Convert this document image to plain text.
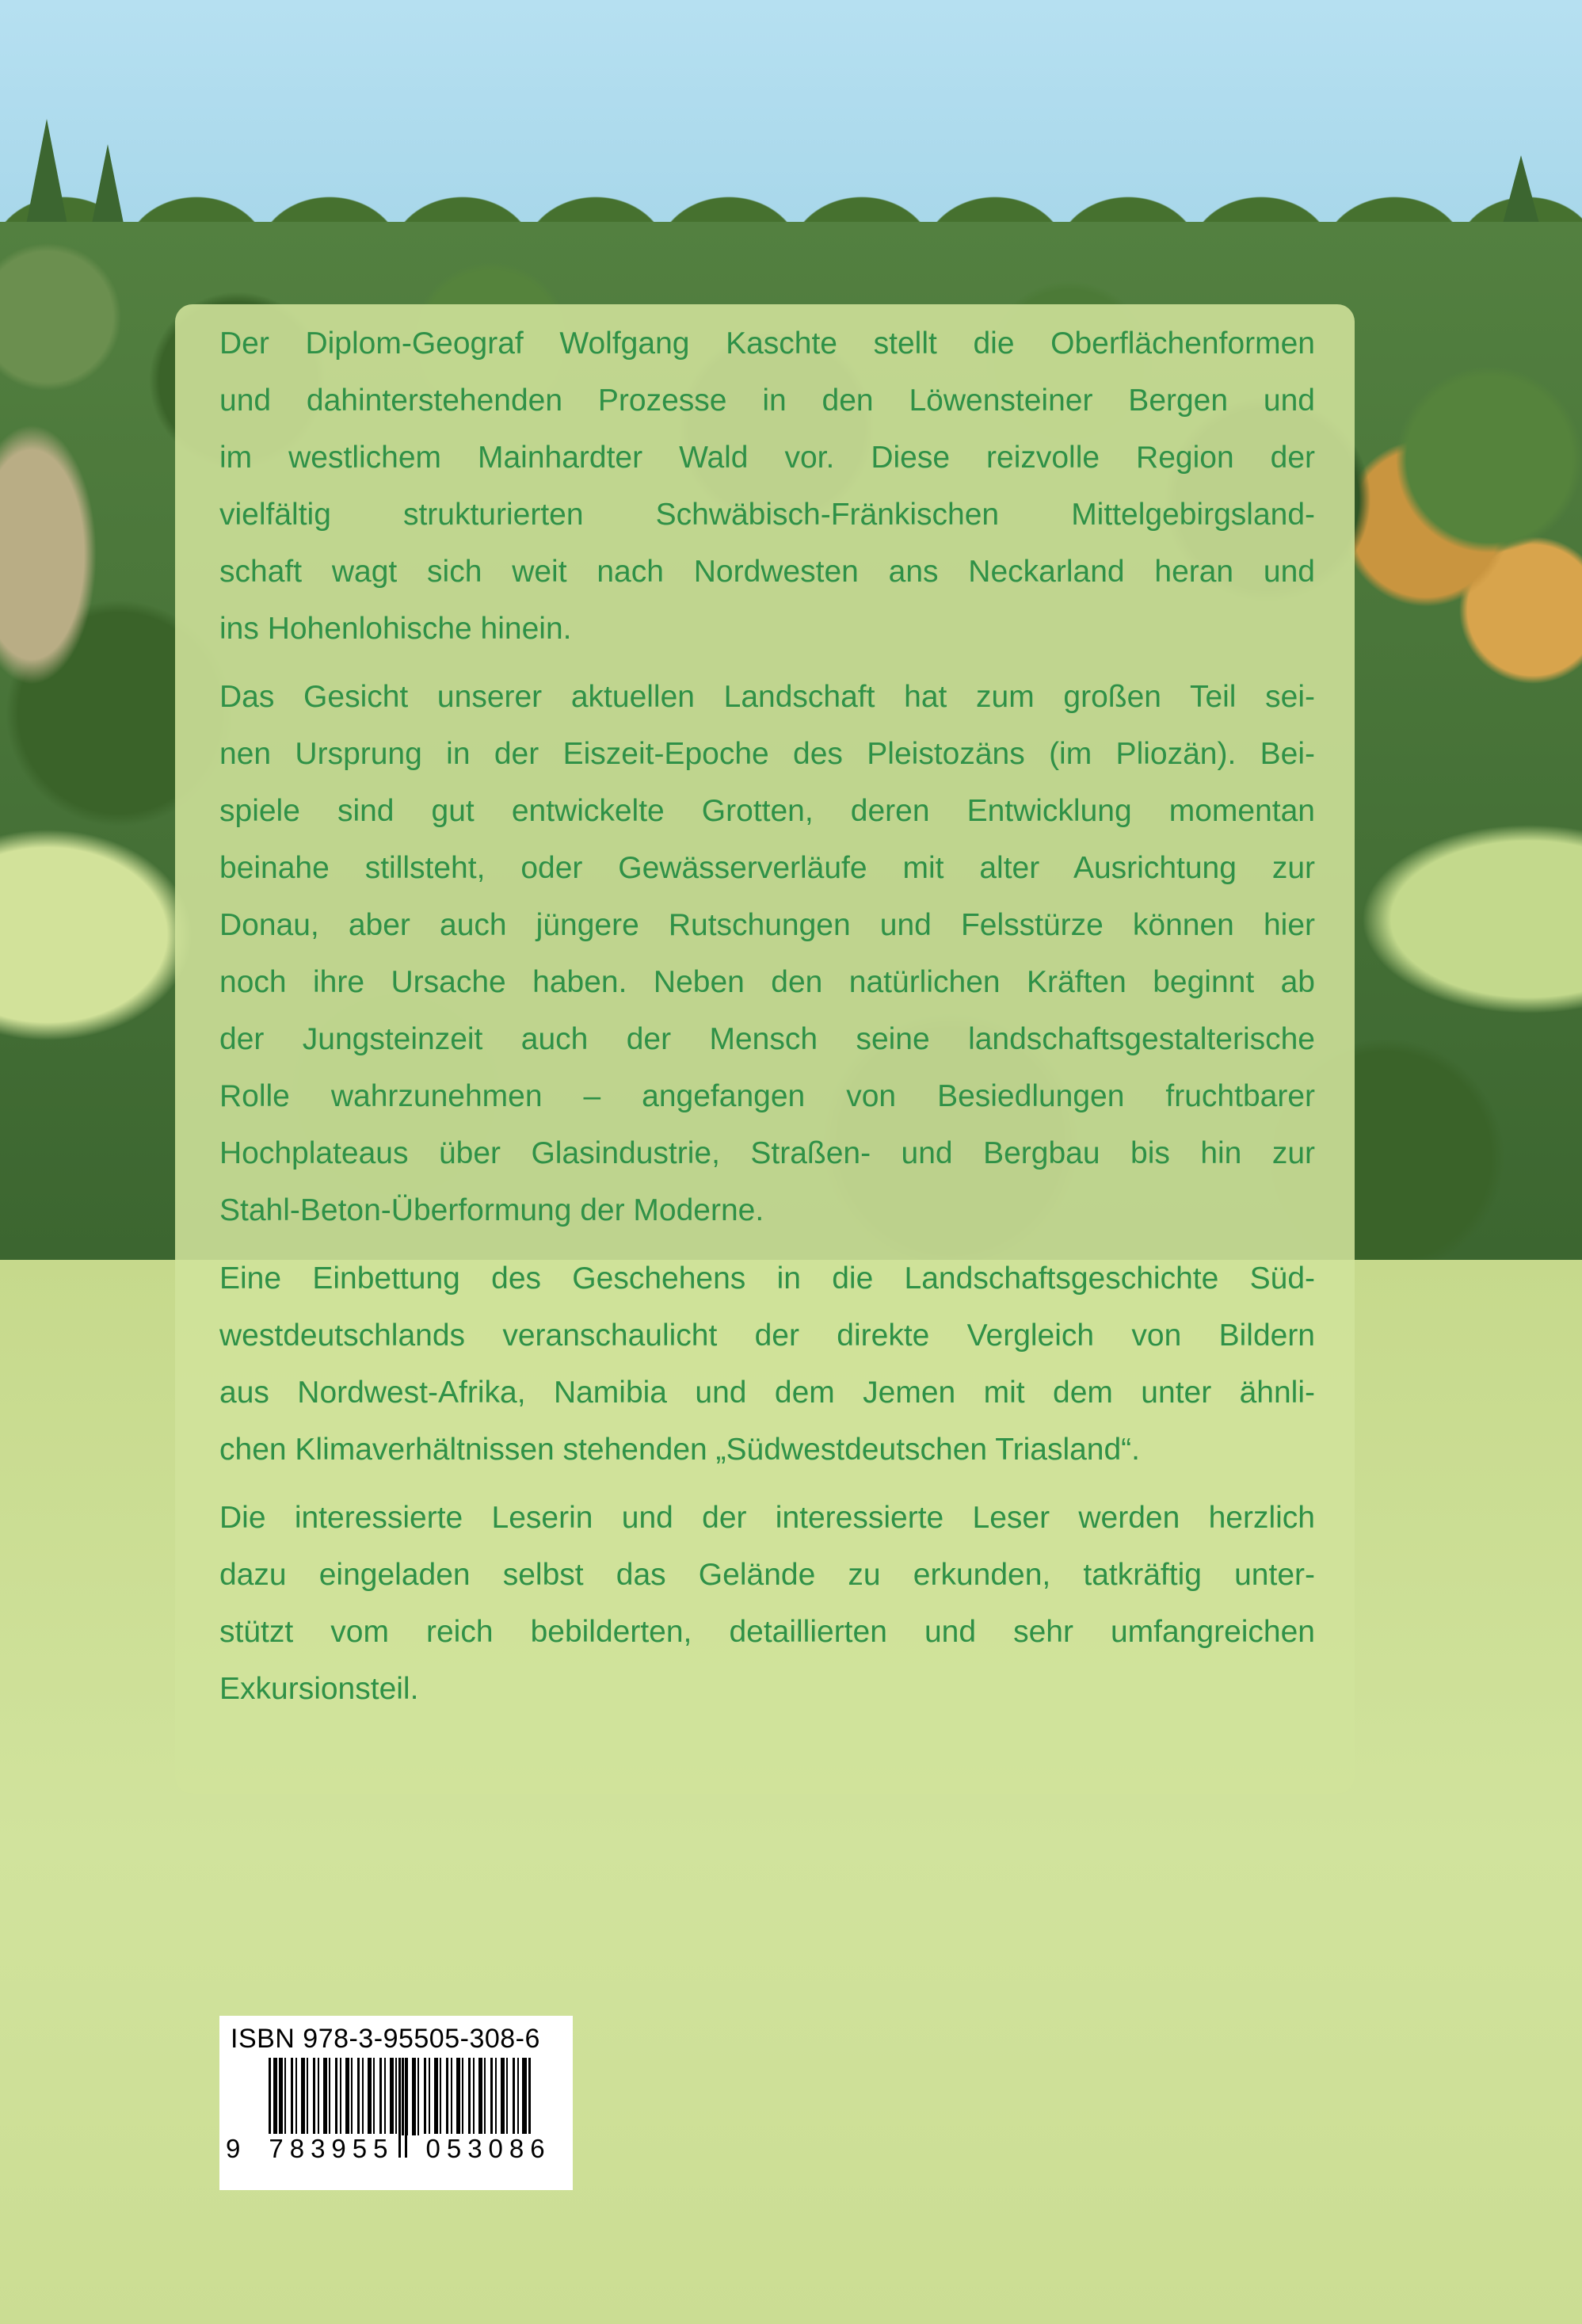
Der Diplom-Geograf Wolfgang Kaschte stellt die Oberflächenformen
und dahinterstehenden Prozesse in den Löwensteiner Bergen und
im westlichem Mainhardter Wald vor. Diese reizvolle Region der
vielfältig strukturierten Schwäbisch-Fränkischen Mittelgebirgsland-
schaft wagt sich weit nach Nordwesten ans Neckarland heran und
ins Hohenlohische hinein.
Das Gesicht unserer aktuellen Landschaft hat zum großen Teil sei-
nen Ursprung in der Eiszeit-Epoche des Pleistozäns (im Pliozän). Bei-
spiele sind gut entwickelte Grotten, deren Entwicklung momentan
beinahe stillsteht, oder Gewässerverläufe mit alter Ausrichtung zur
Donau, aber auch jüngere Rutschungen und Felsstürze können hier
noch ihre Ursache haben. Neben den natürlichen Kräften beginnt ab
der Jungsteinzeit auch der Mensch seine landschaftsgestalterische
Rolle wahrzunehmen – angefangen von Besiedlungen fruchtbarer
Hochplateaus über Glasindustrie, Straßen- und Bergbau bis hin zur
Stahl-Beton-Überformung der Moderne.
Eine Einbettung des Geschehens in die Landschaftsgeschichte Süd-
westdeutschlands veranschaulicht der direkte Vergleich von Bildern
aus Nordwest-Afrika, Namibia und dem Jemen mit dem unter ähnli-
chen Klimaverhältnissen stehenden „Südwestdeutschen Triasland“.
Die interessierte Leserin und der interessierte Leser werden herzlich
dazu eingeladen selbst das Gelände zu erkunden, tatkräftig unter-
stützt vom reich bebilderten, detaillierten und sehr umfangreichen
Exkursionsteil.
ISBN 978-3-95505-308-6
9 783955 053086
